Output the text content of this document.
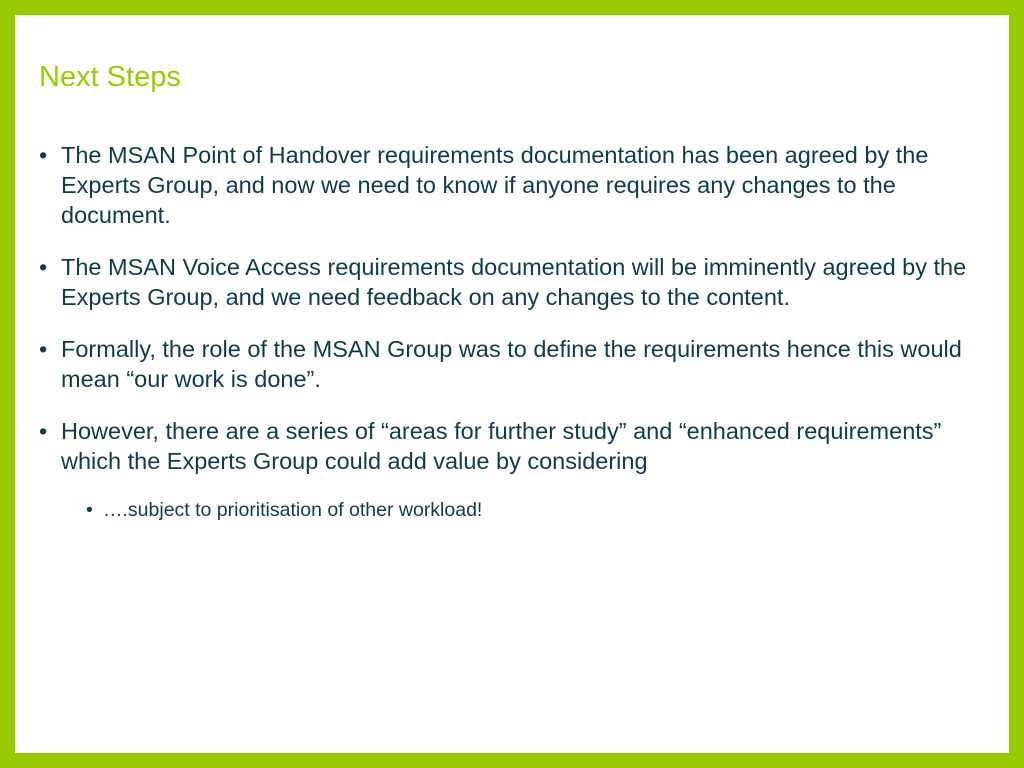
Next Steps
• The MSAN Point of Handover requirements documentation has been agreed by the Experts Group, and now we need to know if anyone requires any changes to the document.
• The MSAN Voice Access requirements documentation will be imminently agreed by the Experts Group, and we need feedback on any changes to the content.
• Formally, the role of the MSAN Group was to define the requirements hence this would mean “our work is done”.
• However, there are a series of “areas for further study” and “enhanced requirements” which the Experts Group could add value by considering
• ….subject to prioritisation of other workload!
